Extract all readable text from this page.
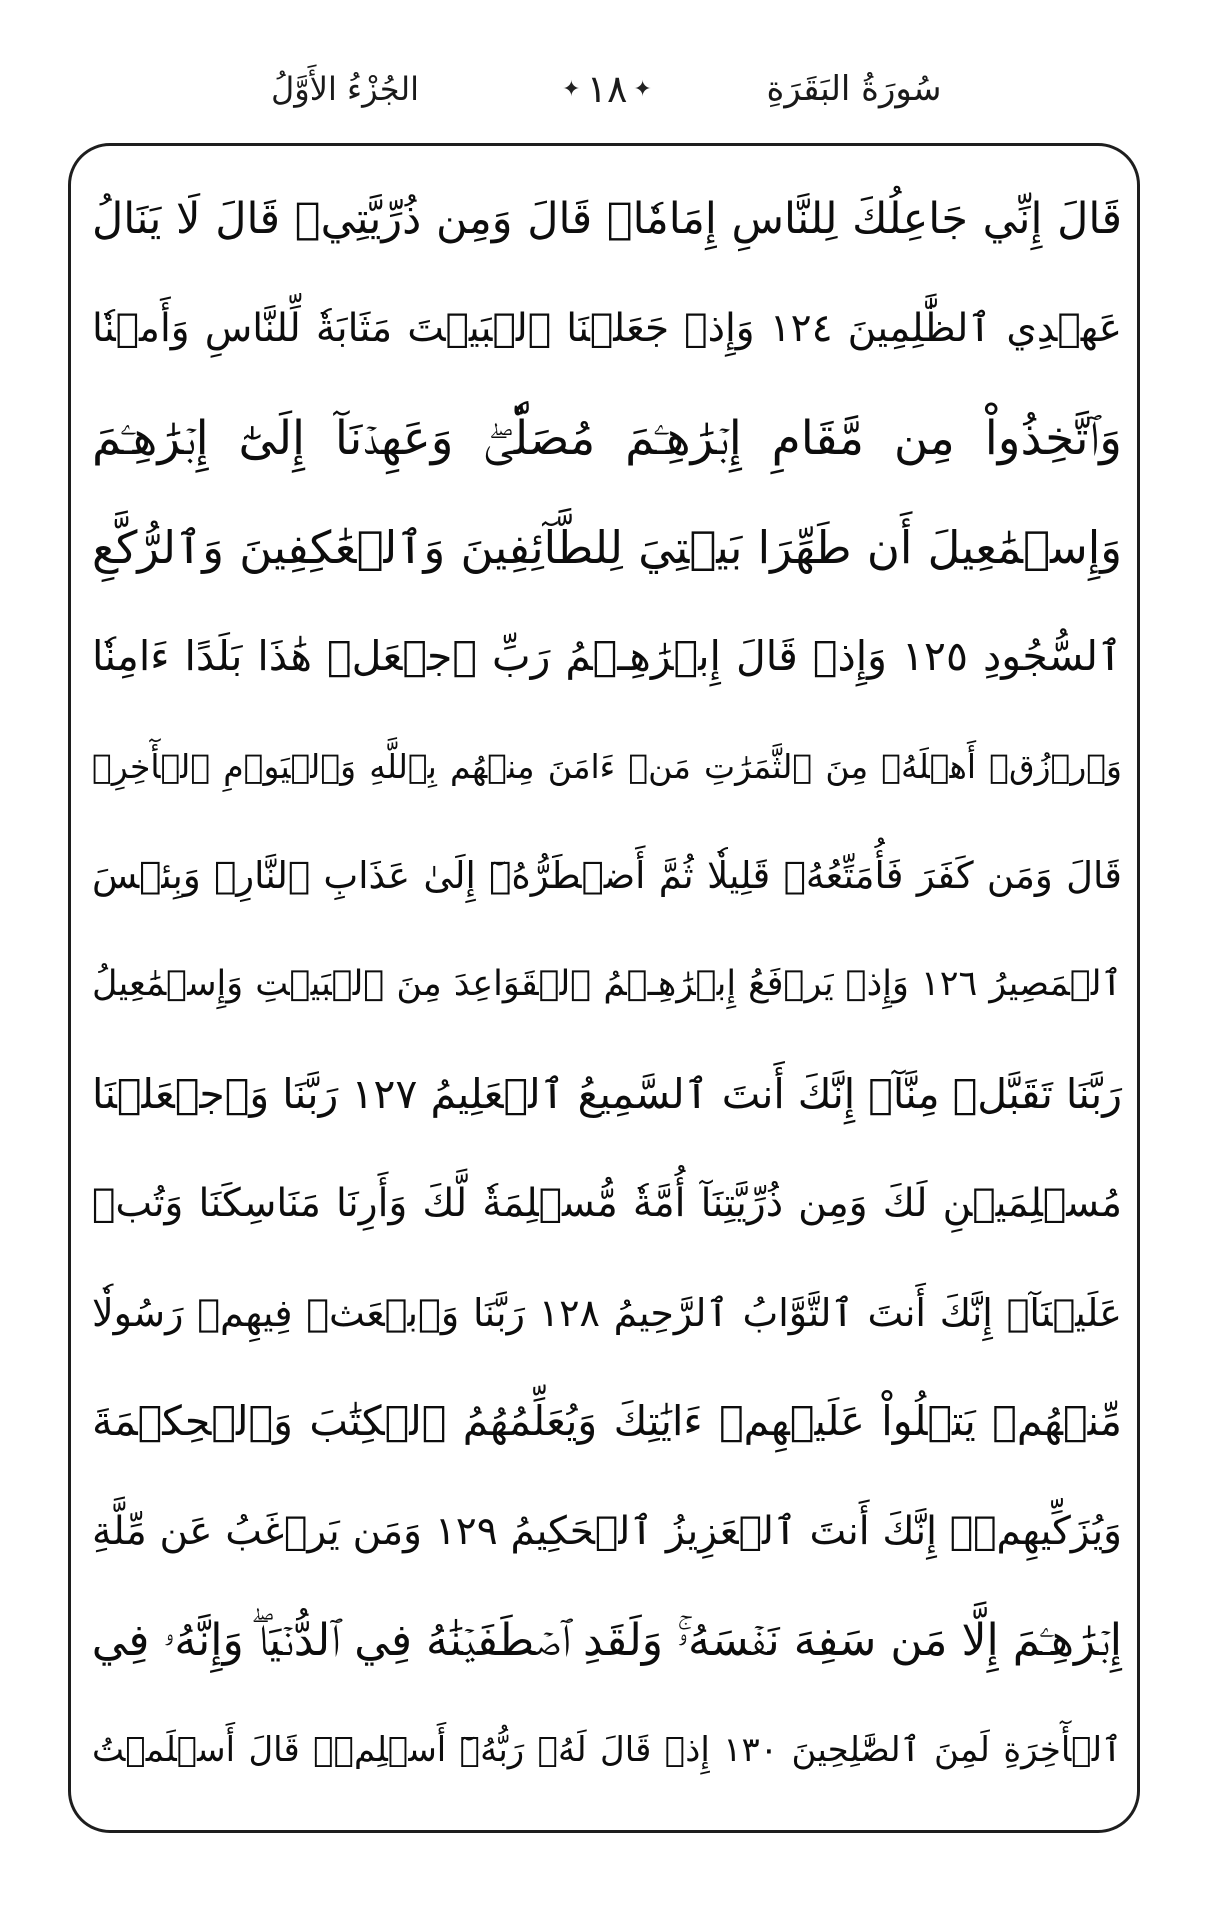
سُورَةُ البَقَرَةِ
✦ ١٨ ✦
الجُزْءُ الأَوَّلُ
قَالَ إِنِّي جَاعِلُكَ لِلنَّاسِ إِمَامٗاۖ قَالَ وَمِن ذُرِّيَّتِيۖ قَالَ لَا يَنَالُ
عَهۡدِي ٱلظَّٰلِمِينَ ١٢٤ وَإِذۡ جَعَلۡنَا ٱلۡبَيۡتَ مَثَابَةٗ لِّلنَّاسِ وَأَمۡنٗا
وَٱتَّخِذُواْ مِن مَّقَامِ إِبۡرَٰهِـۧمَ مُصَلّٗىۖ وَعَهِدۡنَآ إِلَىٰٓ إِبۡرَٰهِـۧمَ
وَإِسۡمَٰعِيلَ أَن طَهِّرَا بَيۡتِيَ لِلطَّآئِفِينَ وَٱلۡعَٰكِفِينَ وَٱلرُّكَّعِ
ٱلسُّجُودِ ١٢٥ وَإِذۡ قَالَ إِبۡرَٰهِـۧمُ رَبِّ ٱجۡعَلۡ هَٰذَا بَلَدًا ءَامِنٗا
وَٱرۡزُقۡ أَهۡلَهُۥ مِنَ ٱلثَّمَرَٰتِ مَنۡ ءَامَنَ مِنۡهُم بِٱللَّهِ وَٱلۡيَوۡمِ ٱلۡأٓخِرِۖ
قَالَ وَمَن كَفَرَ فَأُمَتِّعُهُۥ قَلِيلٗا ثُمَّ أَضۡطَرُّهُۥٓ إِلَىٰ عَذَابِ ٱلنَّارِۖ وَبِئۡسَ
ٱلۡمَصِيرُ ١٢٦ وَإِذۡ يَرۡفَعُ إِبۡرَٰهِـۧمُ ٱلۡقَوَاعِدَ مِنَ ٱلۡبَيۡتِ وَإِسۡمَٰعِيلُ
رَبَّنَا تَقَبَّلۡ مِنَّآۖ إِنَّكَ أَنتَ ٱلسَّمِيعُ ٱلۡعَلِيمُ ١٢٧ رَبَّنَا وَٱجۡعَلۡنَا
مُسۡلِمَيۡنِ لَكَ وَمِن ذُرِّيَّتِنَآ أُمَّةٗ مُّسۡلِمَةٗ لَّكَ وَأَرِنَا مَنَاسِكَنَا وَتُبۡ
عَلَيۡنَآۖ إِنَّكَ أَنتَ ٱلتَّوَّابُ ٱلرَّحِيمُ ١٢٨ رَبَّنَا وَٱبۡعَثۡ فِيهِمۡ رَسُولٗا
مِّنۡهُمۡ يَتۡلُواْ عَلَيۡهِمۡ ءَايَٰتِكَ وَيُعَلِّمُهُمُ ٱلۡكِتَٰبَ وَٱلۡحِكۡمَةَ
وَيُزَكِّيهِمۡۚ إِنَّكَ أَنتَ ٱلۡعَزِيزُ ٱلۡحَكِيمُ ١٢٩ وَمَن يَرۡغَبُ عَن مِّلَّةِ
إِبۡرَٰهِـۧمَ إِلَّا مَن سَفِهَ نَفۡسَهُۥۚ وَلَقَدِ ٱصۡطَفَيۡنَٰهُ فِي ٱلدُّنۡيَاۖ وَإِنَّهُۥ فِي
ٱلۡأٓخِرَةِ لَمِنَ ٱلصَّٰلِحِينَ ١٣٠ إِذۡ قَالَ لَهُۥ رَبُّهُۥٓ أَسۡلِمۡۖ قَالَ أَسۡلَمۡتُ
